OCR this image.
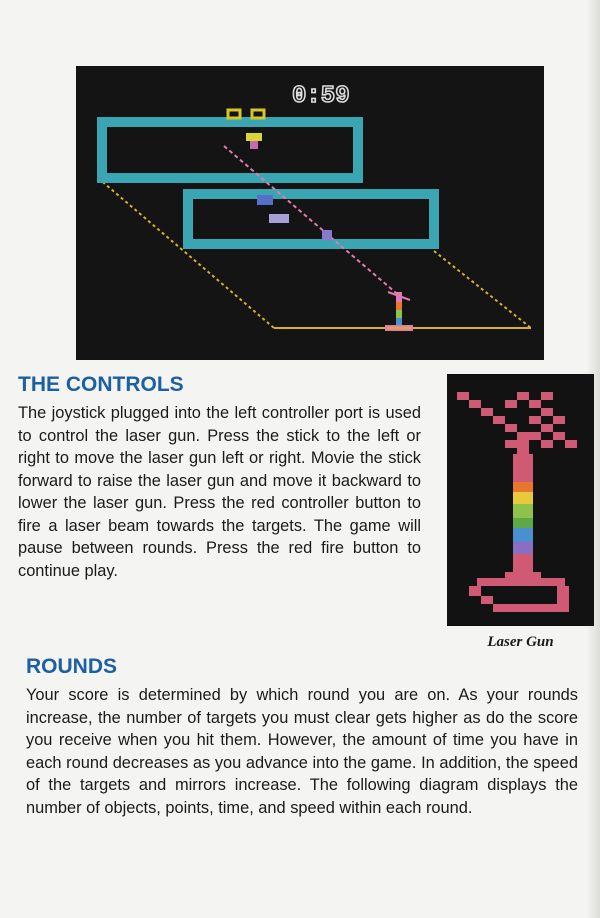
0:59
THE CONTROLS

The joystick plugged into the left controller port is used to control the laser gun. Press the stick to the left or right to move the laser gun left or right. Movie the stick forward to raise the laser gun and move it backward to lower the laser gun. Press the red controller button to fire a laser beam towards the targets. The game will pause between rounds. Press the red fire button to continue play.

Laser Gun
ROUNDS

Your score is determined by which round you are on. As your rounds increase, the number of targets you must clear gets higher as do the score you receive when you hit them. However, the amount of time you have in each round decreases as you advance into the game. In addition, the speed of the targets and mirrors increase. The following diagram displays the number of objects, points, time, and speed within each round.
